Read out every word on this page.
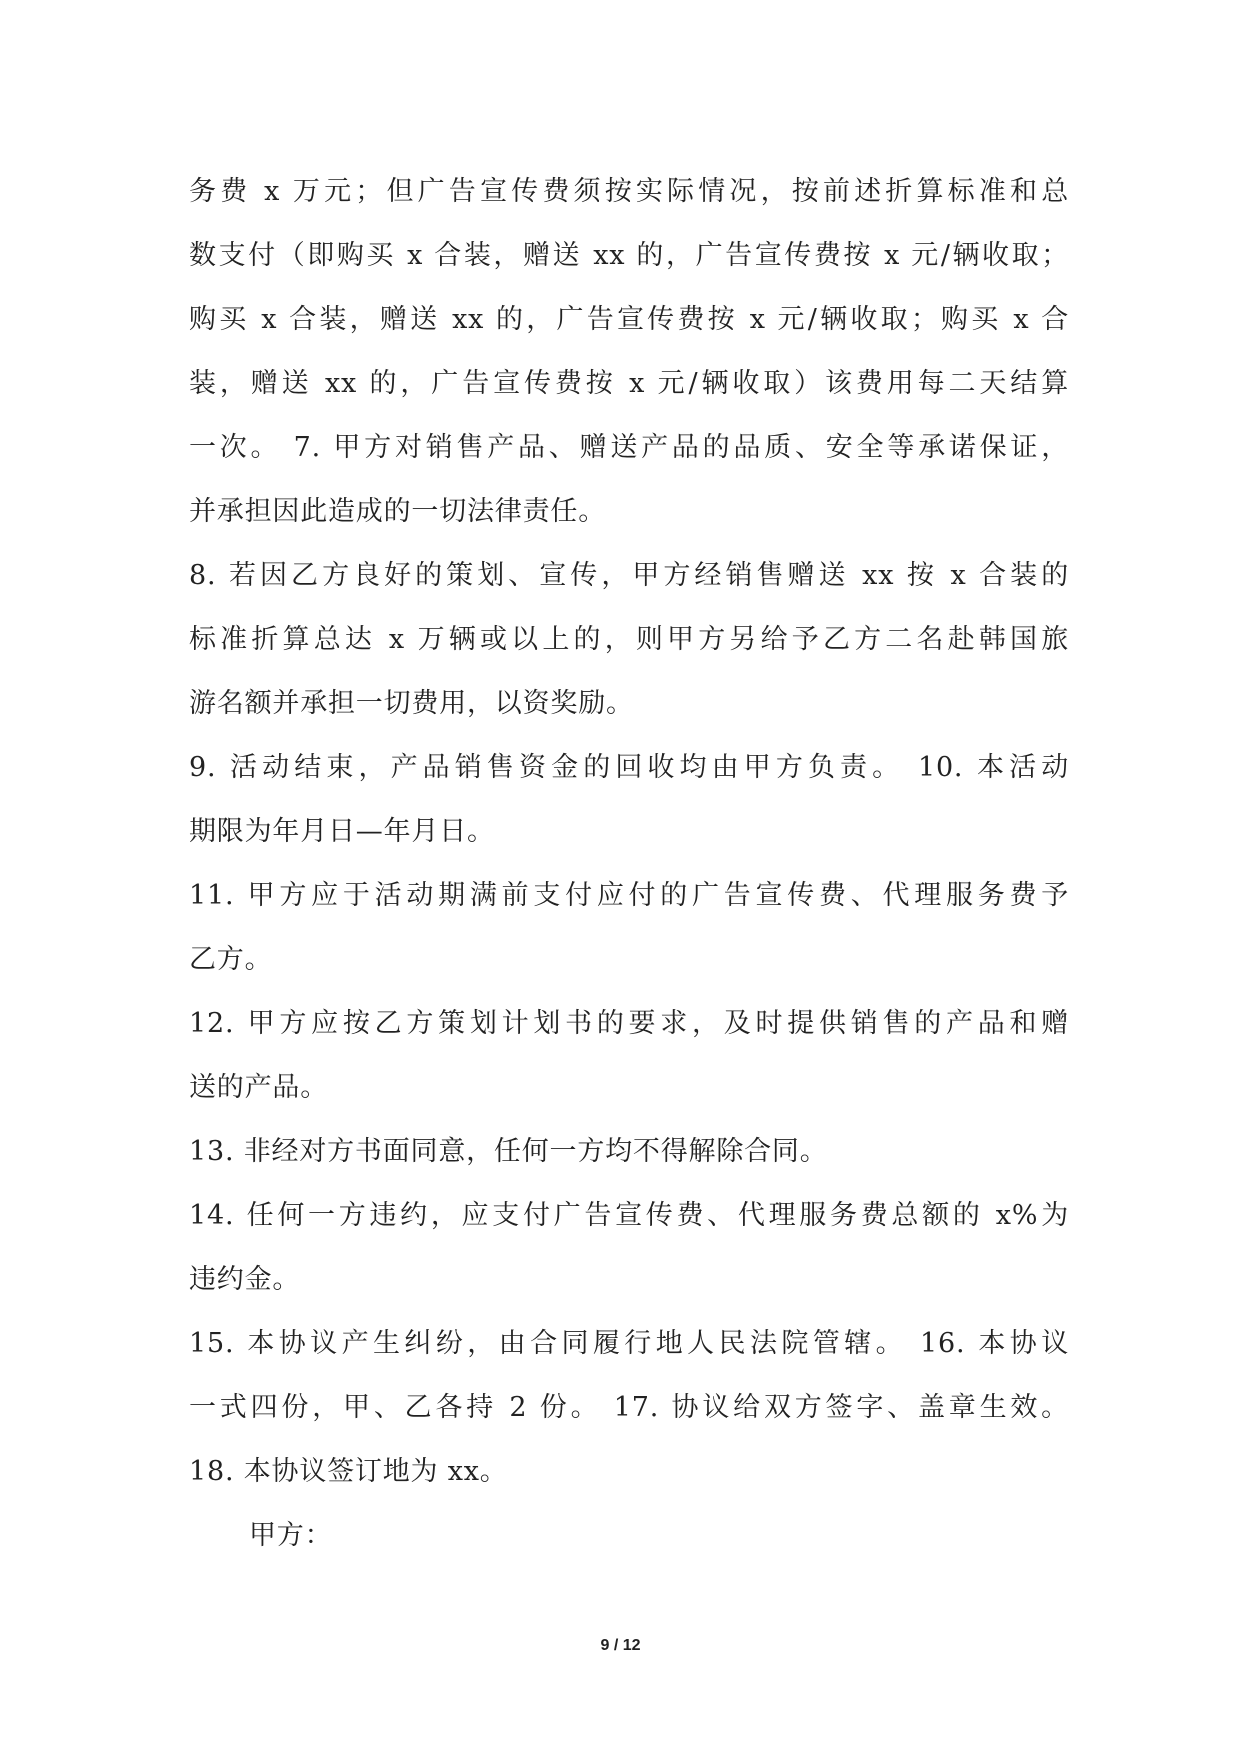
务费 x 万元；但广告宣传费须按实际情况，按前述折算标准和总
数支付（即购买 x 合装，赠送 xx 的，广告宣传费按 x 元/辆收取；
购买 x 合装，赠送 xx 的，广告宣传费按 x 元/辆收取；购买 x 合
装，赠送 xx 的，广告宣传费按 x 元/辆收取）该费用每二天结算
一次。 7. 甲方对销售产品、赠送产品的品质、安全等承诺保证，
并承担因此造成的一切法律责任。
8. 若因乙方良好的策划、宣传，甲方经销售赠送 xx 按 x 合装的
标准折算总达 x 万辆或以上的，则甲方另给予乙方二名赴韩国旅
游名额并承担一切费用，以资奖励。
9. 活动结束，产品销售资金的回收均由甲方负责。 10. 本活动
期限为年月日—年月日。
11. 甲方应于活动期满前支付应付的广告宣传费、代理服务费予
乙方。
12. 甲方应按乙方策划计划书的要求，及时提供销售的产品和赠
送的产品。
13. 非经对方书面同意，任何一方均不得解除合同。
14. 任何一方违约，应支付广告宣传费、代理服务费总额的 x%为
违约金。
15. 本协议产生纠纷，由合同履行地人民法院管辖。 16. 本协议
一式四份，甲、乙各持 2 份。 17. 协议给双方签字、盖章生效。
18. 本协议签订地为 xx。
甲方：
9 / 12
